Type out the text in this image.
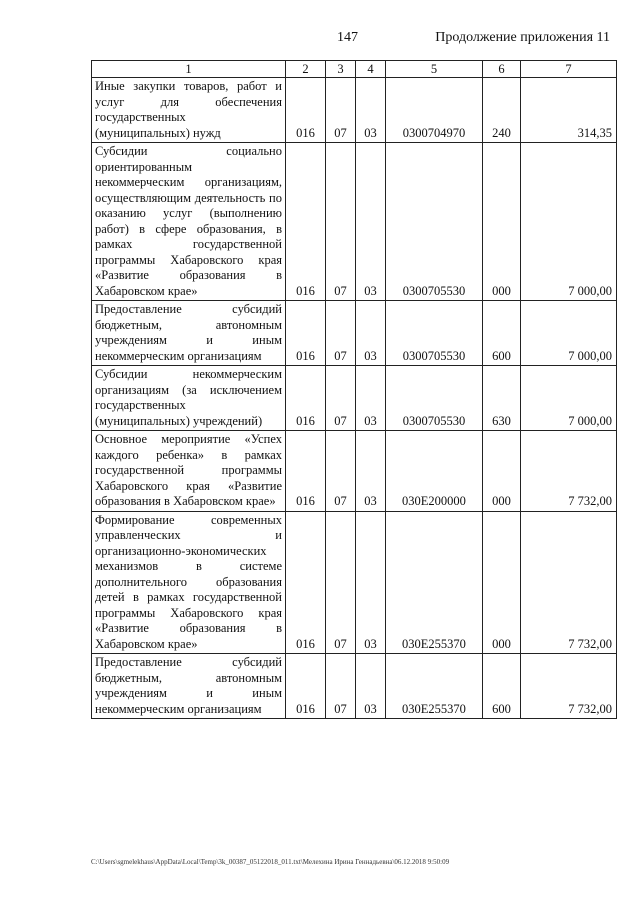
147	Продолжение приложения 11
1	2	3	4	5	6	7
Иные закупки товаров, работ и услуг для обеспечения государственных (муниципальных) нужд	016	07	03	0300704970	240	314,35
Субсидии социально ориентированным некоммерческим организациям, осуществляющим деятельность по оказанию услуг (выполнению работ) в сфере образования, в рамках государственной программы Хабаровского края «Развитие образования в Хабаровском крае»	016	07	03	0300705530	000	7 000,00
Предоставление субсидий бюджетным, автономным учреждениям и иным некоммерческим организациям	016	07	03	0300705530	600	7 000,00
Субсидии некоммерческим организациям (за исключением государственных (муниципальных) учреждений)	016	07	03	0300705530	630	7 000,00
Основное мероприятие «Успех каждого ребенка» в рамках государственной программы Хабаровского края «Развитие образования в Хабаровском крае»	016	07	03	030E200000	000	7 732,00
Формирование современных управленческих и организационно-экономических механизмов в системе дополнительного образования детей в рамках государственной программы Хабаровского края «Развитие образования в Хабаровском крае»	016	07	03	030E255370	000	7 732,00
Предоставление субсидий бюджетным, автономным учреждениям и иным некоммерческим организациям	016	07	03	030E255370	600	7 732,00
C:\Users\sgmelekhaus\AppData\Local\Temp\3k_00387_05122018_011.txt\Мелехина Ирина Геннадьевна\06.12.2018 9:50:09
